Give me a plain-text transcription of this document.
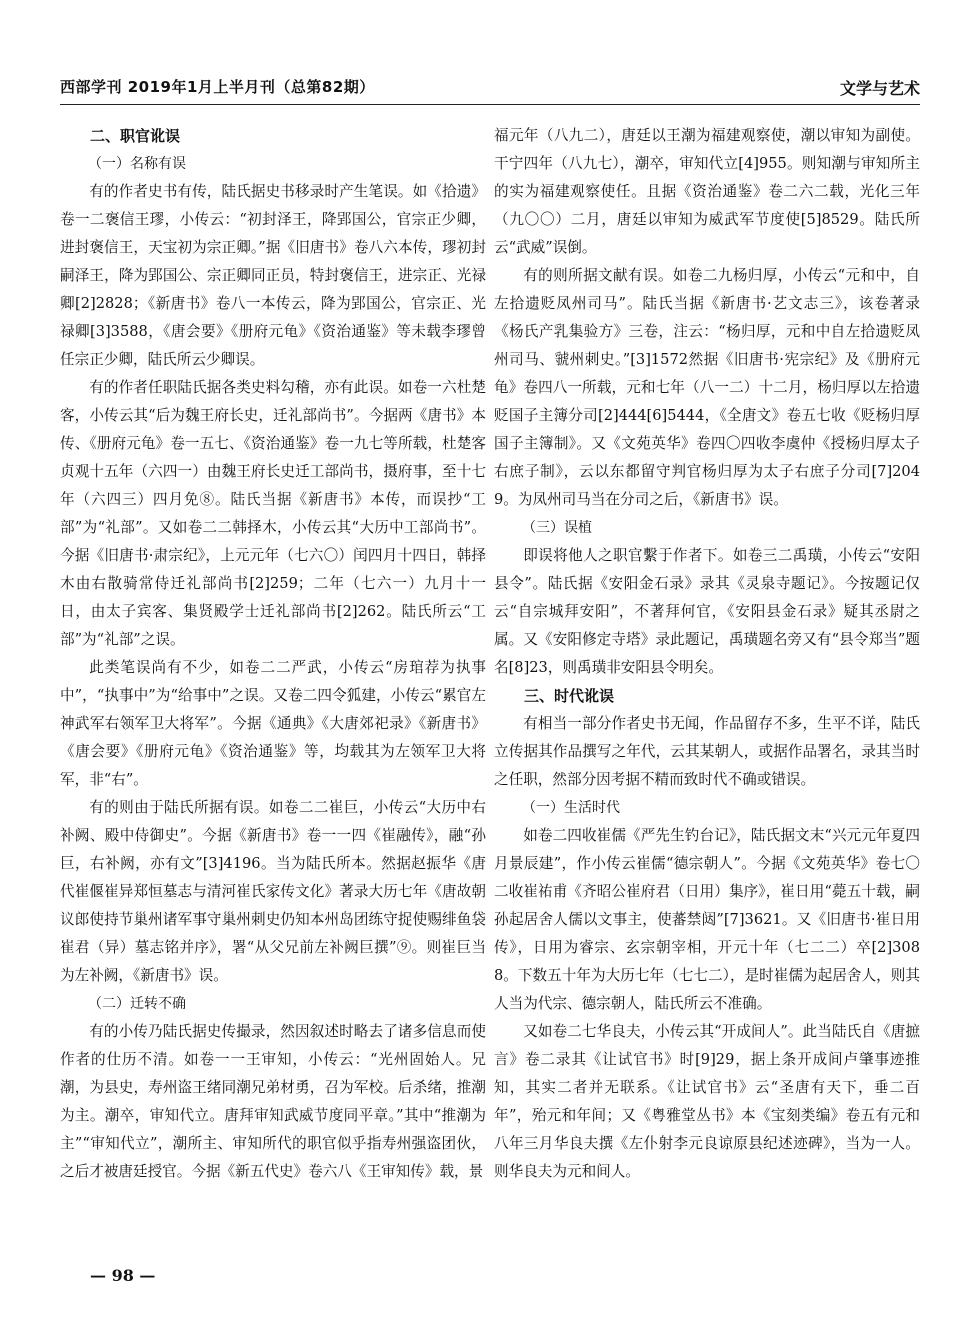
西部学刊 2019年1月上半月刊（总第82期）	文学与艺术

二、职官讹误

（一）名称有误

有的作者史书有传，陆氏据史书移录时产生笔误。如《拾遗》卷一二褒信王璆，小传云：“初封泽王，降郢国公，官宗正少卿，进封褒信王，天宝初为宗正卿。”据《旧唐书》卷八六本传，璆初封嗣泽王，降为郢国公、宗正卿同正员，特封褒信王，进宗正、光禄卿[2]2828；《新唐书》卷八一本传云，降为郢国公，官宗正、光禄卿[3]3588，《唐会要》《册府元龟》《资治通鉴》等未载李璆曾任宗正少卿，陆氏所云少卿误。

有的作者任职陆氏据各类史料勾稽，亦有此误。如卷一六杜楚客，小传云其“后为魏王府长史，迁礼部尚书”。今据两《唐书》本传、《册府元龟》卷一五七、《资治通鉴》卷一九七等所载，杜楚客贞观十五年（六四一）由魏王府长史迁工部尚书，摄府事，至十七年（六四三）四月免⑧。陆氏当据《新唐书》本传，而误抄“工部”为“礼部”。又如卷二二韩择木，小传云其“大历中工部尚书”。今据《旧唐书·肃宗纪》，上元元年（七六〇）闰四月十四日，韩择木由右散骑常侍迁礼部尚书[2]259；二年（七六一）九月十一日，由太子宾客、集贤殿学士迁礼部尚书[2]262。陆氏所云“工部”为“礼部”之误。

此类笔误尚有不少，如卷二二严武，小传云“房琯荐为执事中”，“执事中”为“给事中”之误。又卷二四令狐建，小传云“累官左神武军右领军卫大将军”。今据《通典》《大唐郊祀录》《新唐书》《唐会要》《册府元龟》《资治通鉴》等，均载其为左领军卫大将军，非“右”。

有的则由于陆氏所据有误。如卷二二崔巨，小传云“大历中右补阙、殿中侍御史”。今据《新唐书》卷一一四《崔融传》，融“孙巨，右补阙，亦有文”[3]4196。当为陆氏所本。然据赵振华《唐代崔偃崔异郑恒墓志与清河崔氏家传文化》著录大历七年《唐故朝议郎使持节巢州诸军事守巢州刺史仍知本州岛团练守捉使赐绯鱼袋崔君（异）墓志铭并序》，署“从父兄前左补阙巨撰”⑨。则崔巨当为左补阙，《新唐书》误。

（二）迁转不确

有的小传乃陆氏据史传撮录，然因叙述时略去了诸多信息而使作者的仕历不清。如卷一一王审知，小传云：“光州固始人。兄潮，为县史，寿州盗王绪同潮兄弟材勇，召为军校。后杀绪，推潮为主。潮卒，审知代立。唐拜审知武威节度同平章。”其中“推潮为主”“审知代立”，潮所主、审知所代的职官似乎指寿州强盗团伙，之后才被唐廷授官。今据《新五代史》卷六八《王审知传》载，景

福元年（八九二），唐廷以王潮为福建观察使，潮以审知为副使。干宁四年（八九七），潮卒，审知代立[4]955。则知潮与审知所主的实为福建观察使任。且据《资治通鉴》卷二六二载，光化三年（九〇〇）二月，唐廷以审知为威武军节度使[5]8529。陆氏所云“武威”误倒。

有的则所据文献有误。如卷二九杨归厚，小传云“元和中，自左拾遗贬凤州司马”。陆氏当据《新唐书·艺文志三》，该卷著录《杨氏产乳集验方》三卷，注云：“杨归厚，元和中自左拾遗贬凤州司马、虢州刺史。”[3]1572然据《旧唐书·宪宗纪》及《册府元龟》卷四八一所载，元和七年（八一二）十二月，杨归厚以左拾遗贬国子主簿分司[2]444[6]5444，《全唐文》卷五七收《贬杨归厚国子主簿制》。又《文苑英华》卷四〇四收李虞仲《授杨归厚太子右庶子制》，云以东都留守判官杨归厚为太子右庶子分司[7]2049。为凤州司马当在分司之后，《新唐书》误。

（三）误植

即误将他人之职官繫于作者下。如卷三二禹璜，小传云“安阳县令”。陆氏据《安阳金石录》录其《灵泉寺题记》。今按题记仅云“自宗城拜安阳”，不著拜何官，《安阳县金石录》疑其丞尉之属。又《安阳修定寺塔》录此题记，禹璜题名旁又有“县令郑当”题名[8]23，则禹璜非安阳县令明矣。

三、时代讹误

有相当一部分作者史书无闻，作品留存不多，生平不详，陆氏立传据其作品撰写之年代，云其某朝人，或据作品署名，录其当时之任职，然部分因考据不精而致时代不确或错误。

（一）生活时代

如卷二四收崔儒《严先生钓台记》，陆氏据文末“兴元元年夏四月景辰建”，作小传云崔儒“德宗朝人”。今据《文苑英华》卷七〇二收崔祐甫《齐昭公崔府君（日用）集序》，崔日用“薨五十载，嗣孙起居舍人儒以文事主，使蕃禁闼”[7]3621。又《旧唐书·崔日用传》，日用为睿宗、玄宗朝宰相，开元十年（七二二）卒[2]3088。下数五十年为大历七年（七七二），是时崔儒为起居舍人，则其人当为代宗、德宗朝人，陆氏所云不准确。

又如卷二七华良夫，小传云其“开成间人”。此当陆氏自《唐摭言》卷二录其《让试官书》时[9]29，据上条开成间卢肇事迹推知，其实二者并无联系。《让试官书》云“圣唐有天下，垂二百年”，殆元和年间；又《粤雅堂丛书》本《宝刻类编》卷五有元和八年三月华良夫撰《左仆射李元良谅原县纪述迹碑》，当为一人。则华良夫为元和间人。

— 98 —
